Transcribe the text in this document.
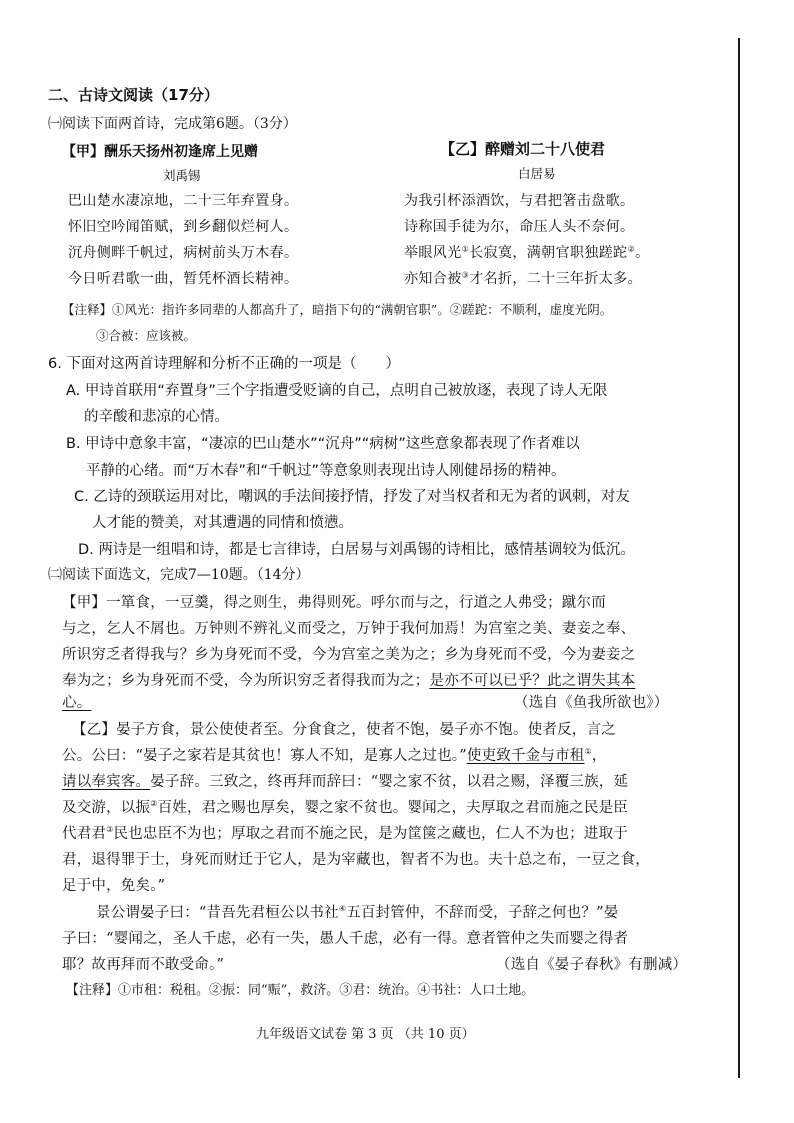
二、古诗文阅读（17分）
㈠阅读下面两首诗，完成第6题。（3分）
【甲】酬乐天扬州初逢席上见赠
刘禹锡
巴山楚水凄凉地，二十三年弃置身。
怀旧空吟闻笛赋，到乡翻似烂柯人。
沉舟侧畔千帆过，病树前头万木春。
今日听君歌一曲，暂凭杯酒长精神。
【乙】醉赠刘二十八使君
白居易
为我引杯添酒饮，与君把箸击盘歌。
诗称国手徒为尔，命压人头不奈何。
举眼风光①长寂寞，满朝官职独蹉跎②。
亦知合被③才名折，二十三年折太多。
【注释】①风光：指许多同辈的人都高升了，暗指下句的“满朝官职”。②蹉跎：不顺利，虚度光阴。
③合被：应该被。
6. 下面对这两首诗理解和分析不正确的一项是（　　）
A. 甲诗首联用“弃置身”三个字指遭受贬谪的自己，点明自己被放逐，表现了诗人无限
的辛酸和悲凉的心情。
B. 甲诗中意象丰富，“凄凉的巴山楚水”“沉舟”“病树”这些意象都表现了作者难以
平静的心绪。而“万木春”和“千帆过”等意象则表现出诗人刚健昂扬的精神。
C. 乙诗的颈联运用对比，嘲讽的手法间接抒情，抒发了对当权者和无为者的讽刺，对友
人才能的赞美，对其遭遇的同情和愤懑。
D. 两诗是一组唱和诗，都是七言律诗，白居易与刘禹锡的诗相比，感情基调较为低沉。
㈡阅读下面选文，完成7—10题。（14分）
【甲】一箪食，一豆羹，得之则生，弗得则死。呼尔而与之，行道之人弗受；蹴尔而
与之，乞人不屑也。万钟则不辨礼义而受之，万钟于我何加焉！为宫室之美、妻妾之奉、
所识穷乏者得我与？乡为身死而不受，今为宫室之美为之；乡为身死而不受，今为妻妾之
奉为之；乡为身死而不受，今为所识穷乏者得我而为之；是亦不可以已乎？此之谓失其本
心。	（选自《鱼我所欲也》）
【乙】晏子方食，景公使使者至。分食食之，使者不饱，晏子亦不饱。使者反，言之
公。公曰：“晏子之家若是其贫也！寡人不知，是寡人之过也。”使吏致千金与市租①，
请以奉宾客。晏子辞。三致之，终再拜而辞曰：“婴之家不贫，以君之赐，泽覆三族，延
及交游，以振②百姓，君之赐也厚矣，婴之家不贫也。婴闻之，夫厚取之君而施之民是臣
代君君③民也忠臣不为也；厚取之君而不施之民，是为筐箧之藏也，仁人不为也；进取于
君，退得罪于士，身死而财迁于它人，是为宰藏也，智者不为也。夫十总之布，一豆之食，
足于中，免矣。”
景公谓晏子曰：“昔吾先君桓公以书社④五百封管仲，不辞而受，子辞之何也？”晏
子曰：“婴闻之，圣人千虑，必有一失，愚人千虑，必有一得。意者管仲之失而婴之得者
耶？故再拜而不敢受命。”	（选自《晏子春秋》有删减）
【注释】①市租：税租。②振：同“赈”，救济。③君：统治。④书社：人口土地。
九年级语文试卷 第 3 页 （共 10 页）
